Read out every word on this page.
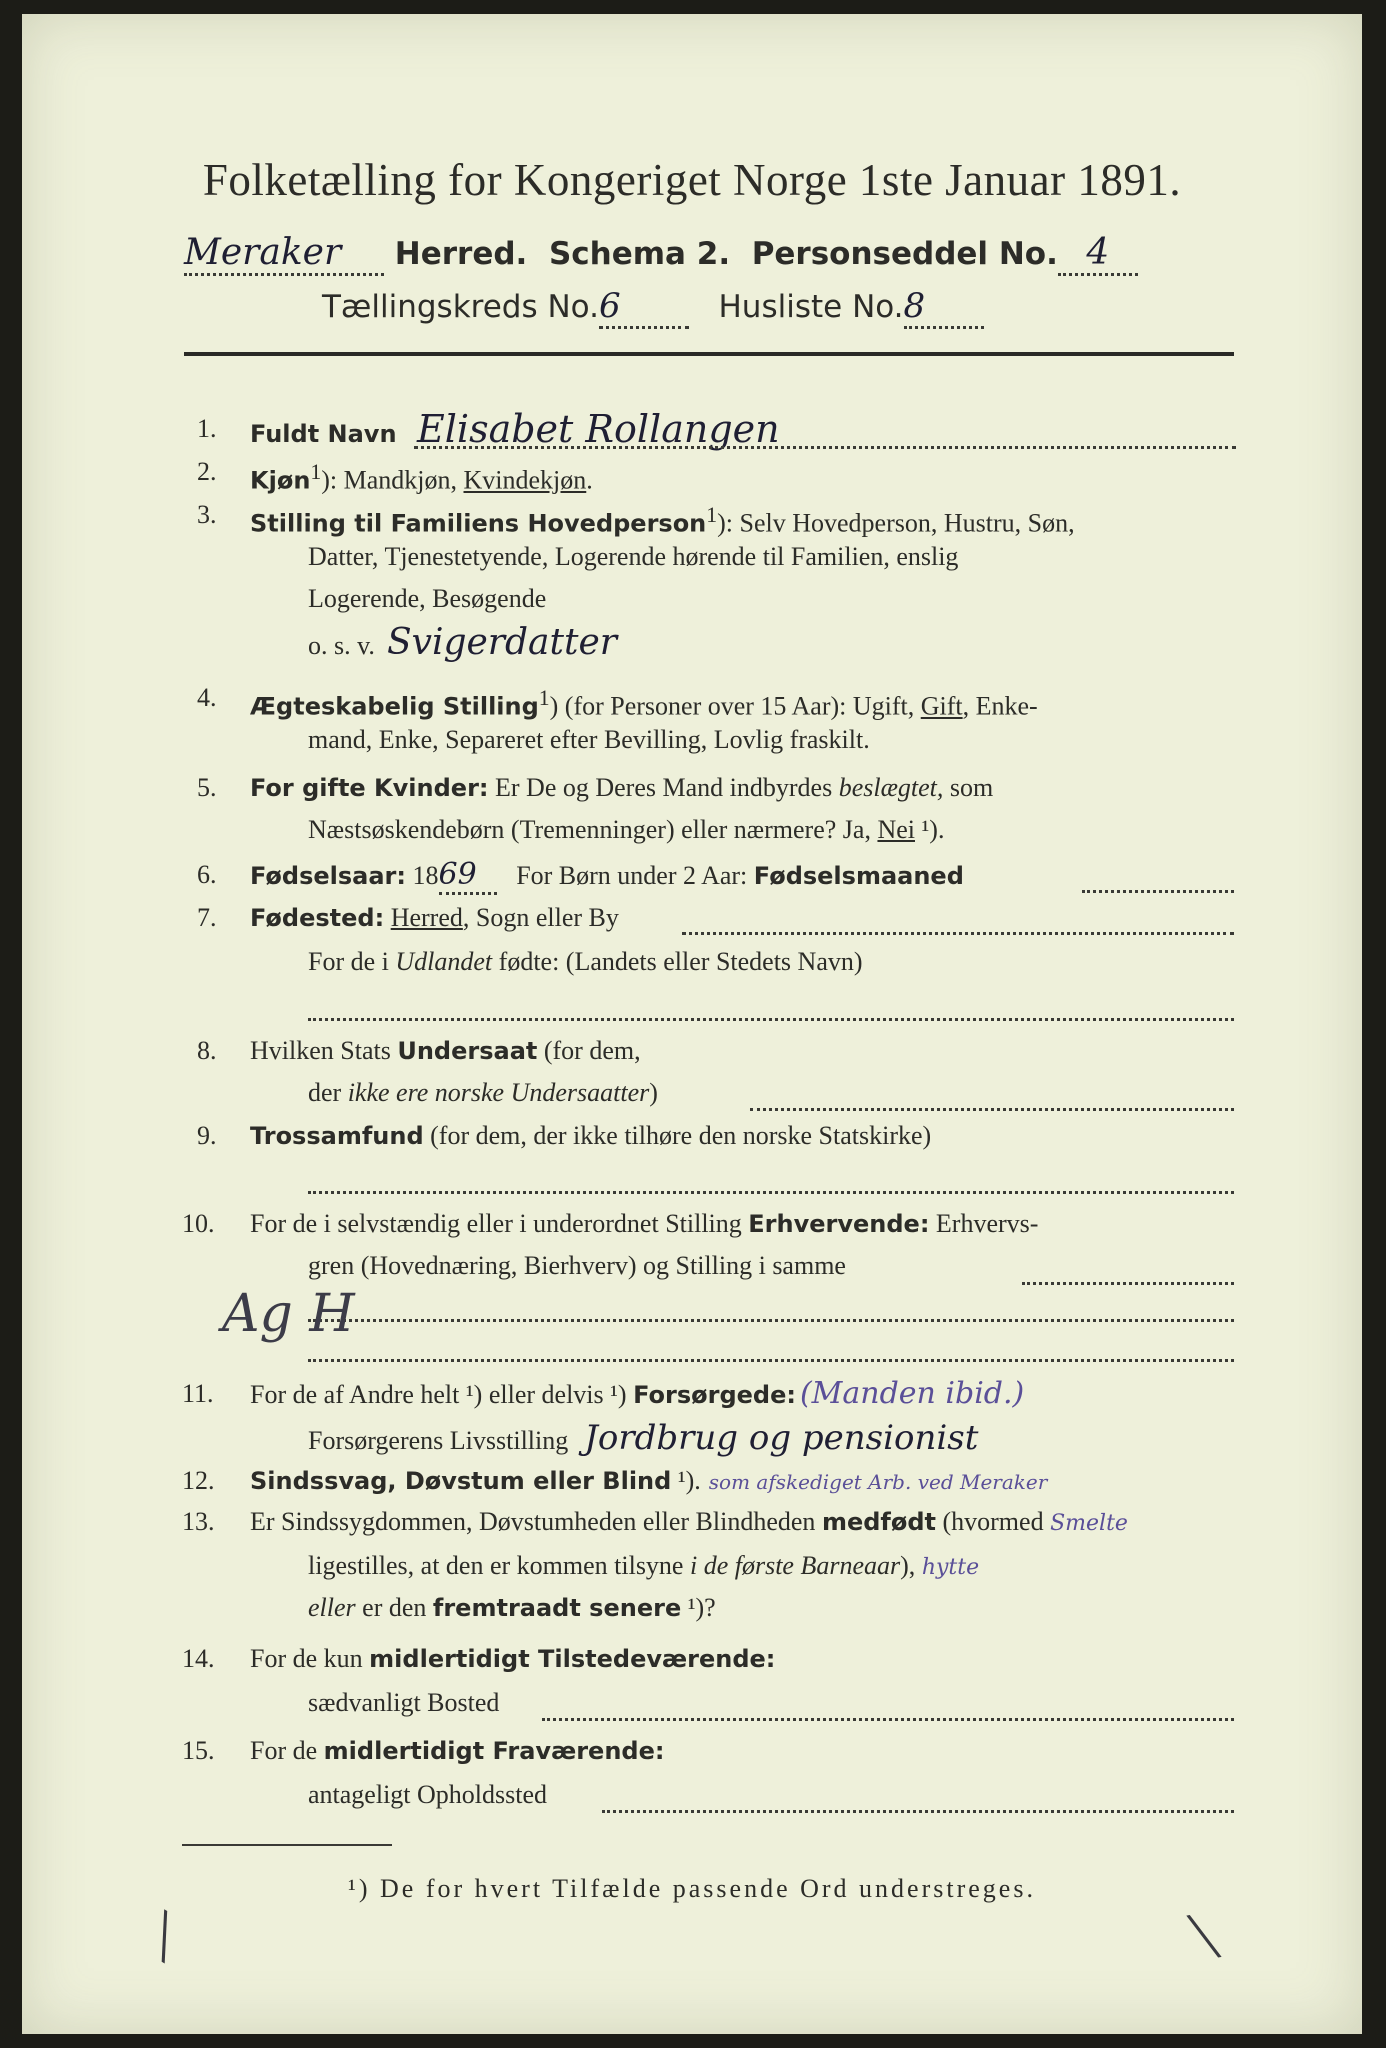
Folketælling for Kongeriget Norge 1ste Januar 1891.
Meraker Herred. Schema 2. Personseddel No. 4
Tællingskreds No.6	Husliste No.8
1. Fuldt Navn Elisabet Rollangen
2. Kjøn$^1$): Mandkjøn, Kvindekjøn.
3. Stilling til Familiens Hovedperson$^1$): Selv Hovedperson, Hustru, Søn,
Datter, Tjenestetyende, Logerende hørende til Familien, enslig
Logerende, Besøgende
o. s. v. Svigerdatter
4. Ægteskabelig Stilling$^1$) (for Personer over 15 Aar): Ugift, Gift, Enke-
mand, Enke, Separeret efter Bevilling, Lovlig fraskilt.
5. For gifte Kvinder: Er De og Deres Mand indbyrdes beslægtet, som
Næstsøskendebørn (Tremenninger) eller nærmere? Ja, Nei ¹).
6. Fødselsaar: 1869 For Børn under 2 Aar: Fødselsmaaned
7. Fødested: Herred, Sogn eller By
For de i Udlandet fødte: (Landets eller Stedets Navn)
8. Hvilken Stats Undersaat (for dem,
der ikke ere norske Undersaatter)
9. Trossamfund (for dem, der ikke tilhøre den norske Statskirke)
10. For de i selvstændig eller i underordnet Stilling Erhvervende: Erhvervs-
gren (Hovednæring, Bierhverv) og Stilling i samme
Ag H
11. For de af Andre helt ¹) eller delvis ¹) Forsørgede: (Manden ibid.)
Forsørgerens Livsstilling Jordbrug og pensionist
12. Sindssvag, Døvstum eller Blind ¹). som afskediget Arb. ved Meraker
13. Er Sindssygdommen, Døvstumheden eller Blindheden medfødt (hvormed Smelte
ligestilles, at den er kommen tilsyne i de første Barneaar), hytte
eller er den fremtraadt senere ¹)?
14. For de kun midlertidigt Tilstedeværende:
sædvanligt Bosted
15. For de midlertidigt Fraværende:
antageligt Opholdssted
¹) De for hvert Tilfælde passende Ord understreges.
╲	╲
